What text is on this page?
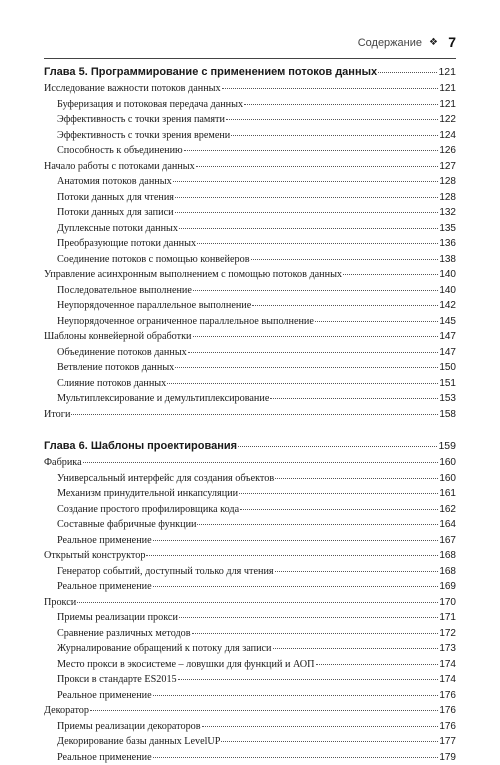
Содержание ❖ 7
Глава 5. Программирование с применением потоков данных	121
Исследование важности потоков данных	121
Буферизация и потоковая передача данных	121
Эффективность с точки зрения памяти	122
Эффективность с точки зрения времени	124
Способность к объединению	126
Начало работы с потоками данных	127
Анатомия потоков данных	128
Потоки данных для чтения	128
Потоки данных для записи	132
Дуплексные потоки данных	135
Преобразующие потоки данных	136
Соединение потоков с помощью конвейеров	138
Управление асинхронным выполнением с помощью потоков данных	140
Последовательное выполнение	140
Неупорядоченное параллельное выполнение	142
Неупорядоченное ограниченное параллельное выполнение	145
Шаблоны конвейерной обработки	147
Объединение потоков данных	147
Ветвление потоков данных	150
Слияние потоков данных	151
Мультиплексирование и демультиплексирование	153
Итоги	158
Глава 6. Шаблоны проектирования	159
Фабрика	160
Универсальный интерфейс для создания объектов	160
Механизм принудительной инкапсуляции	161
Создание простого профилировщика кода	162
Составные фабричные функции	164
Реальное применение	167
Открытый конструктор	168
Генератор событий, доступный только для чтения	168
Реальное применение	169
Прокси	170
Приемы реализации прокси	171
Сравнение различных методов	172
Журналирование обращений к потоку для записи	173
Место прокси в экосистеме – ловушки для функций и АОП	174
Прокси в стандарте ES2015	174
Реальное применение	176
Декоратор	176
Приемы реализации декораторов	176
Декорирование базы данных LevelUP	177
Реальное применение	179
